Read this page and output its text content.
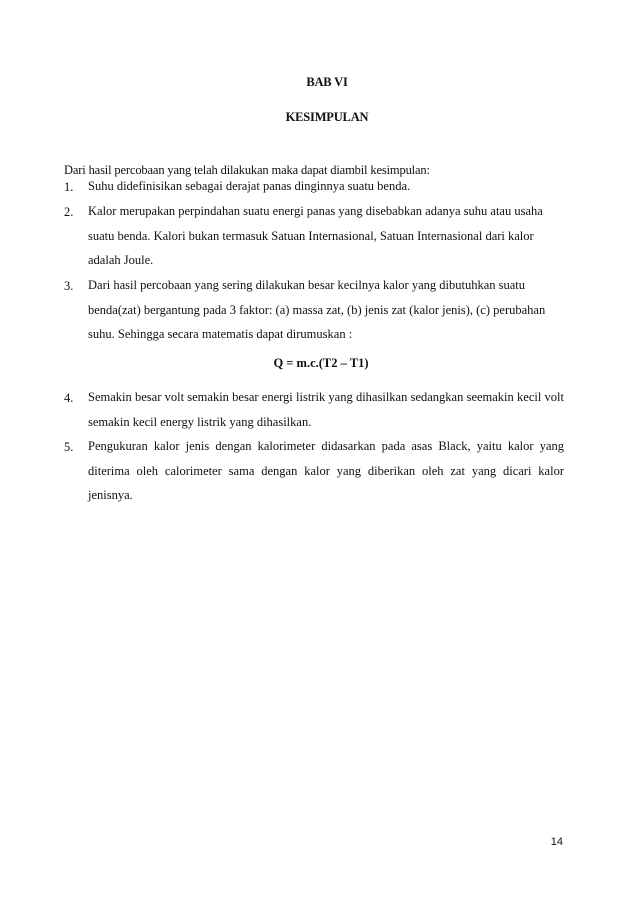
BAB VI
KESIMPULAN
Dari hasil percobaan yang telah dilakukan maka dapat diambil kesimpulan:
1.	Suhu didefinisikan sebagai derajat panas dinginnya suatu benda.
2.	Kalor merupakan perpindahan suatu energi panas yang disebabkan adanya suhu atau usaha suatu benda. Kalori bukan termasuk Satuan Internasional, Satuan Internasional dari kalor adalah Joule.
3.	Dari hasil percobaan yang sering dilakukan besar kecilnya kalor yang dibutuhkan suatu benda(zat) bergantung pada 3 faktor: (a) massa zat, (b) jenis zat (kalor jenis), (c) perubahan suhu. Sehingga secara matematis dapat dirumuskan :
Q = m.c.(T2 – T1)
4.	Semakin besar volt semakin besar energi listrik yang dihasilkan sedangkan seemakin kecil volt semakin kecil energy listrik yang dihasilkan.
5.	Pengukuran kalor jenis dengan kalorimeter didasarkan pada asas Black, yaitu kalor yang diterima oleh calorimeter sama dengan kalor yang diberikan oleh zat yang dicari kalor jenisnya.
14
